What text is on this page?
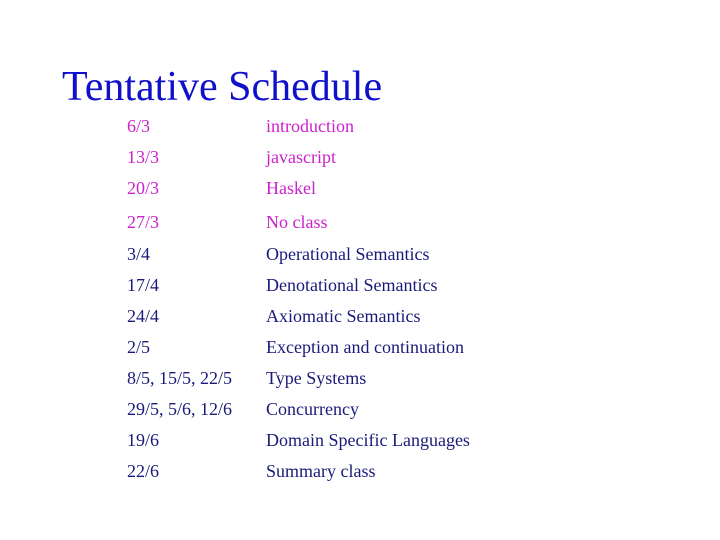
Tentative Schedule
6/3	introduction
13/3	javascript
20/3	Haskel
27/3	No class
3/4	Operational Semantics
17/4	Denotational Semantics
24/4	Axiomatic Semantics
2/5	Exception and continuation
8/5, 15/5, 22/5 Type Systems
29/5, 5/6, 12/6 Concurrency
19/6	Domain Specific Languages
22/6	Summary class
